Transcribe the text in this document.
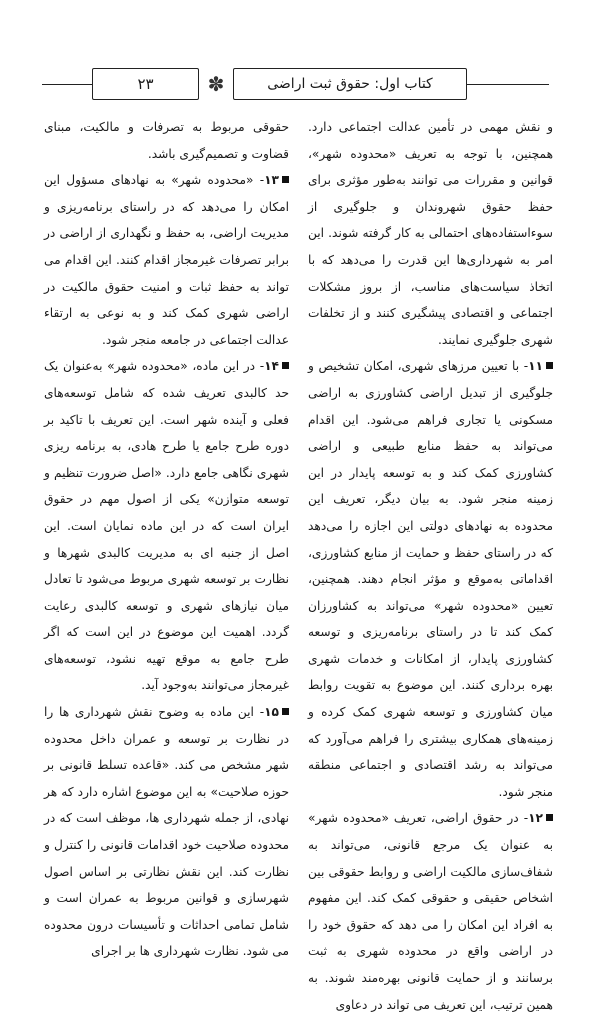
کتاب اول: حقوق ثبت اراضی
✽
۲۳

و نقش مهمی در تأمین عدالت اجتماعی دارد. همچنین، با توجه به تعریف «محدوده شهر»، قوانین و مقررات می توانند به‌طور مؤثری برای حفظ حقوق شهروندان و جلوگیری از سوءاستفاده‌های احتمالی به کار گرفته شوند. این امر به شهرداری‌ها این قدرت را می‌دهد که با اتخاذ سیاست‌های مناسب، از بروز مشکلات اجتماعی و اقتصادی پیشگیری کنند و از تخلفات شهری جلوگیری نمایند.

۱۱- با تعیین مرزهای شهری، امکان تشخیص و جلوگیری از تبدیل اراضی کشاورزی به اراضی مسکونی یا تجاری فراهم می‌شود. این اقدام می‌تواند به حفظ منابع طبیعی و اراضی کشاورزی کمک کند و به توسعه پایدار در این زمینه منجر شود. به بیان دیگر، تعریف این محدوده به نهادهای دولتی این اجازه را می‌دهد که در راستای حفظ و حمایت از منابع کشاورزی، اقداماتی به‌موقع و مؤثر انجام دهند. همچنین، تعیین «محدوده شهر» می‌تواند به کشاورزان کمک کند تا در راستای برنامه‌ریزی و توسعه کشاورزی پایدار، از امکانات و خدمات شهری بهره برداری کنند. این موضوع به تقویت روابط میان کشاورزی و توسعه شهری کمک کرده و زمینه‌های همکاری بیشتری را فراهم می‌آورد که می‌تواند به رشد اقتصادی و اجتماعی منطقه منجر شود.

۱۲- در حقوق اراضی، تعریف «محدوده شهر» به عنوان یک مرجع قانونی، می‌تواند به شفاف‌سازی مالکیت اراضی و روابط حقوقی بین اشخاص حقیقی و حقوقی کمک کند. این مفهوم به افراد این امکان را می دهد که حقوق خود را در اراضی واقع در محدوده شهری به ثبت برسانند و از حمایت قانونی بهره‌مند شوند. به همین ترتیب، این تعریف می تواند در دعاوی

حقوقی مربوط به تصرفات و مالکیت، مبنای قضاوت و تصمیم‌گیری باشد.

۱۳- «محدوده شهر» به نهادهای مسؤول این امکان را می‌دهد که در راستای برنامه‌ریزی و مدیریت اراضی، به حفظ و نگهداری از اراضی در برابر تصرفات غیرمجاز اقدام کنند. این اقدام می تواند به حفظ ثبات و امنیت حقوق مالکیت در اراضی شهری کمک کند و به نوعی به ارتقاء عدالت اجتماعی در جامعه منجر شود.

۱۴- در این ماده، «محدوده شهر» به‌عنوان یک حد کالبدی تعریف شده که شامل توسعه‌های فعلی و آینده شهر است. این تعریف با تاکید بر دوره طرح جامع یا طرح هادی، به برنامه ریزی شهری نگاهی جامع دارد. «اصل ضرورت تنظیم و توسعه متوازن» یکی از اصول مهم در حقوق ایران است که در این ماده نمایان است. این اصل از جنبه ای به مدیریت کالبدی شهرها و نظارت بر توسعه شهری مربوط می‌شود تا تعادل میان نیازهای شهری و توسعه کالبدی رعایت گردد. اهمیت این موضوع در این است که اگر طرح جامع به موقع تهیه نشود، توسعه‌های غیرمجاز می‌توانند به‌وجود آید.

۱۵- این ماده به وضوح نقش شهرداری ها را در نظارت بر توسعه و عمران داخل محدوده شهر مشخص می کند. «قاعده تسلط قانونی بر حوزه صلاحیت» به این موضوع اشاره دارد که هر نهادی، از جمله شهرداری ها، موظف است که در محدوده صلاحیت خود اقدامات قانونی را کنترل و نظارت کند. این نقش نظارتی بر اساس اصول شهرسازی و قوانین مربوط به عمران است و شامل تمامی احداثات و تأسیسات درون محدوده می شود. نظارت شهرداری ها بر اجرای
